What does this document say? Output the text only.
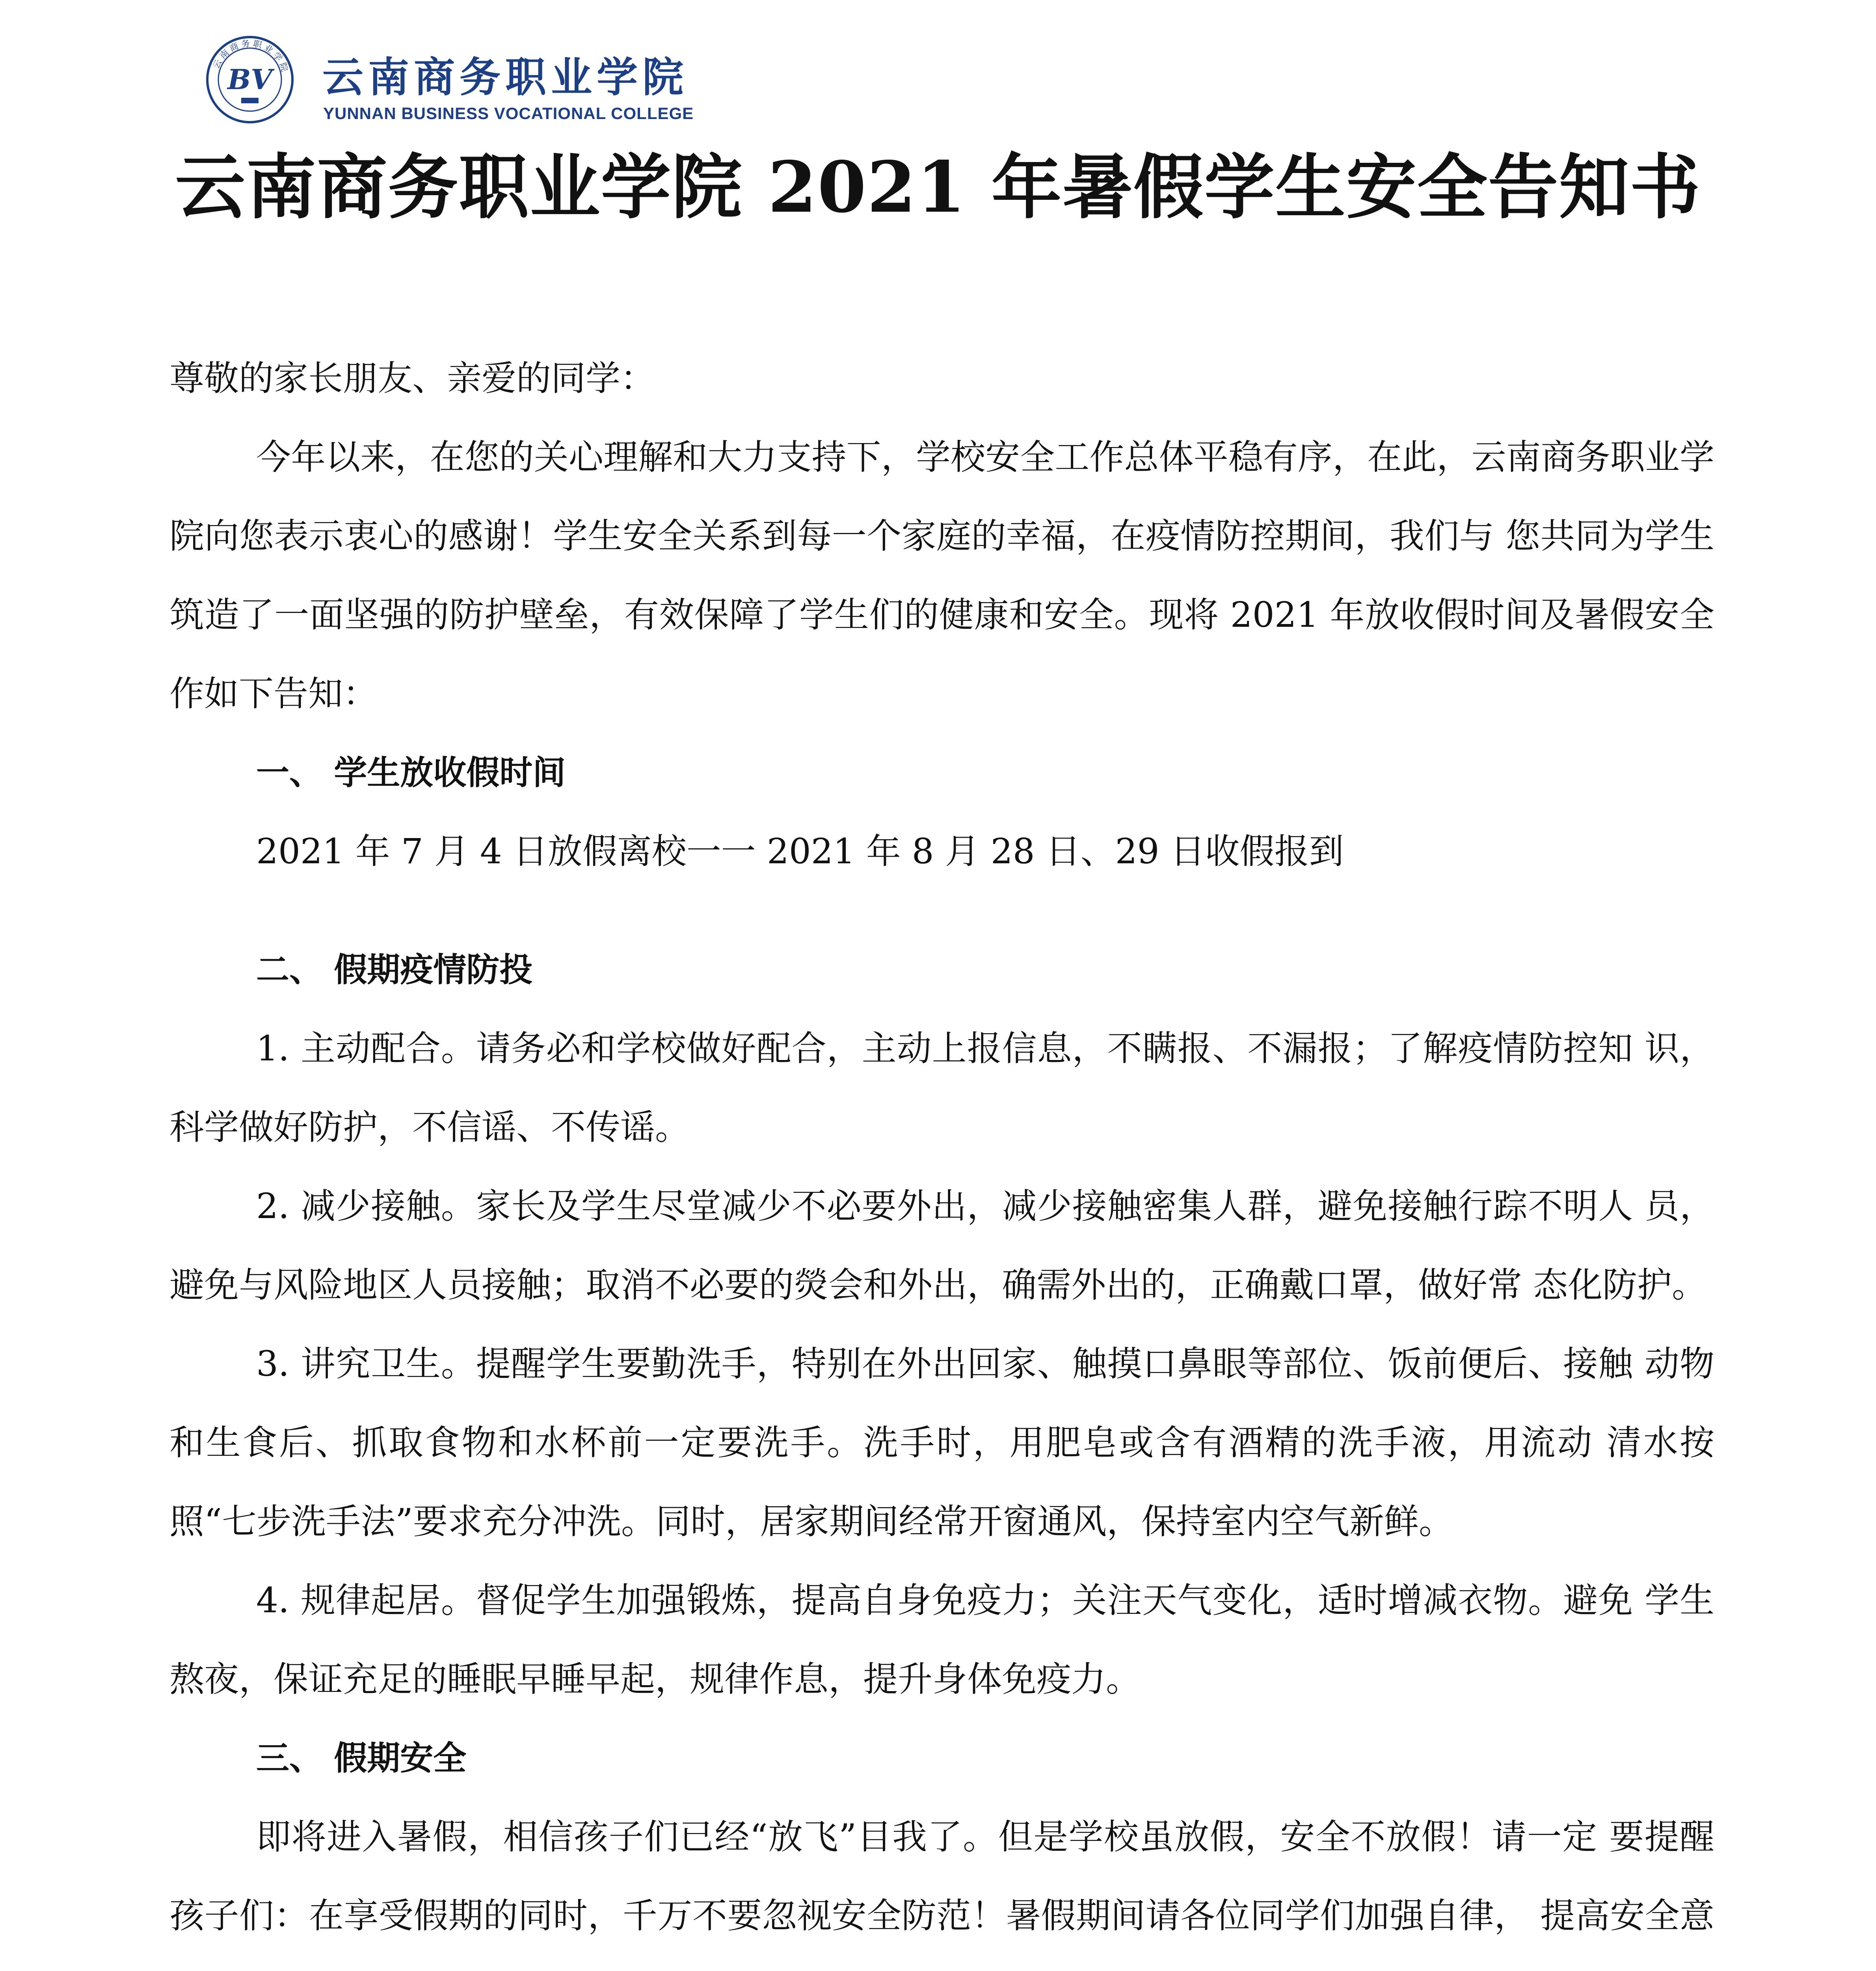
云南商务职业学院
BV 云南商务职业学院
YUNNAN BUSINESS VOCATIONAL COLLEGE
云南商务职业学院 2021 年暑假学生安全告知书

尊敬的家长朋友、亲爱的同学：

今年以来，在您的关心理解和大力支持下，学校安全工作总体平稳有序，在此，云南商务职业学院向您表示衷心的感谢！学生安全关系到每一个家庭的幸福，在疫情防控期间，我们与 您共同为学生筑造了一面坚强的防护壁垒，有效保障了学生们的健康和安全。现将 2021 年放收假时间及暑假安全作如下告知：

一、 学生放收假时间

2021 年 7 月 4 日放假离校一一 2021 年 8 月 28 日、29 日收假报到

二、 假期疫情防投

1. 主动配合。请务必和学校做好配合，主动上报信息，不瞒报、不漏报；了解疫情防控知 识，科学做好防护，不信谣、不传谣。

2. 减少接触。家长及学生尽堂减少不必要外出，减少接触密集人群，避免接触行踪不明人 员，避免与风险地区人员接触；取消不必要的熒会和外出，确需外出的，正确戴口罩，做好常 态化防护。

3. 讲究卫生。提醒学生要勤洗手，特别在外出回家、触摸口鼻眼等部位、饭前便后、接触 动物和生食后、抓取食物和水杯前一定要洗手。洗手时，用肥皂或含有酒精的洗手液，用流动 清水按照“七步洗手法”要求充分冲洗。同时，居家期间经常开窗通风，保持室内空气新鲜。

4. 规律起居。督促学生加强锻炼，提高自身免疫力；关注天气变化，适时增减衣物。避免 学生熬夜，保证充足的睡眠早睡早起，规律作息，提升身体免疫力。

三、 假期安全

即将进入暑假，相信孩子们已经“放飞”目我了。但是学校虽放假，安全不放假！请一定 要提醒孩子们：在享受假期的同时，千万不要忽视安全防范！暑假期间请各位同学们加强自律， 提高安全意
